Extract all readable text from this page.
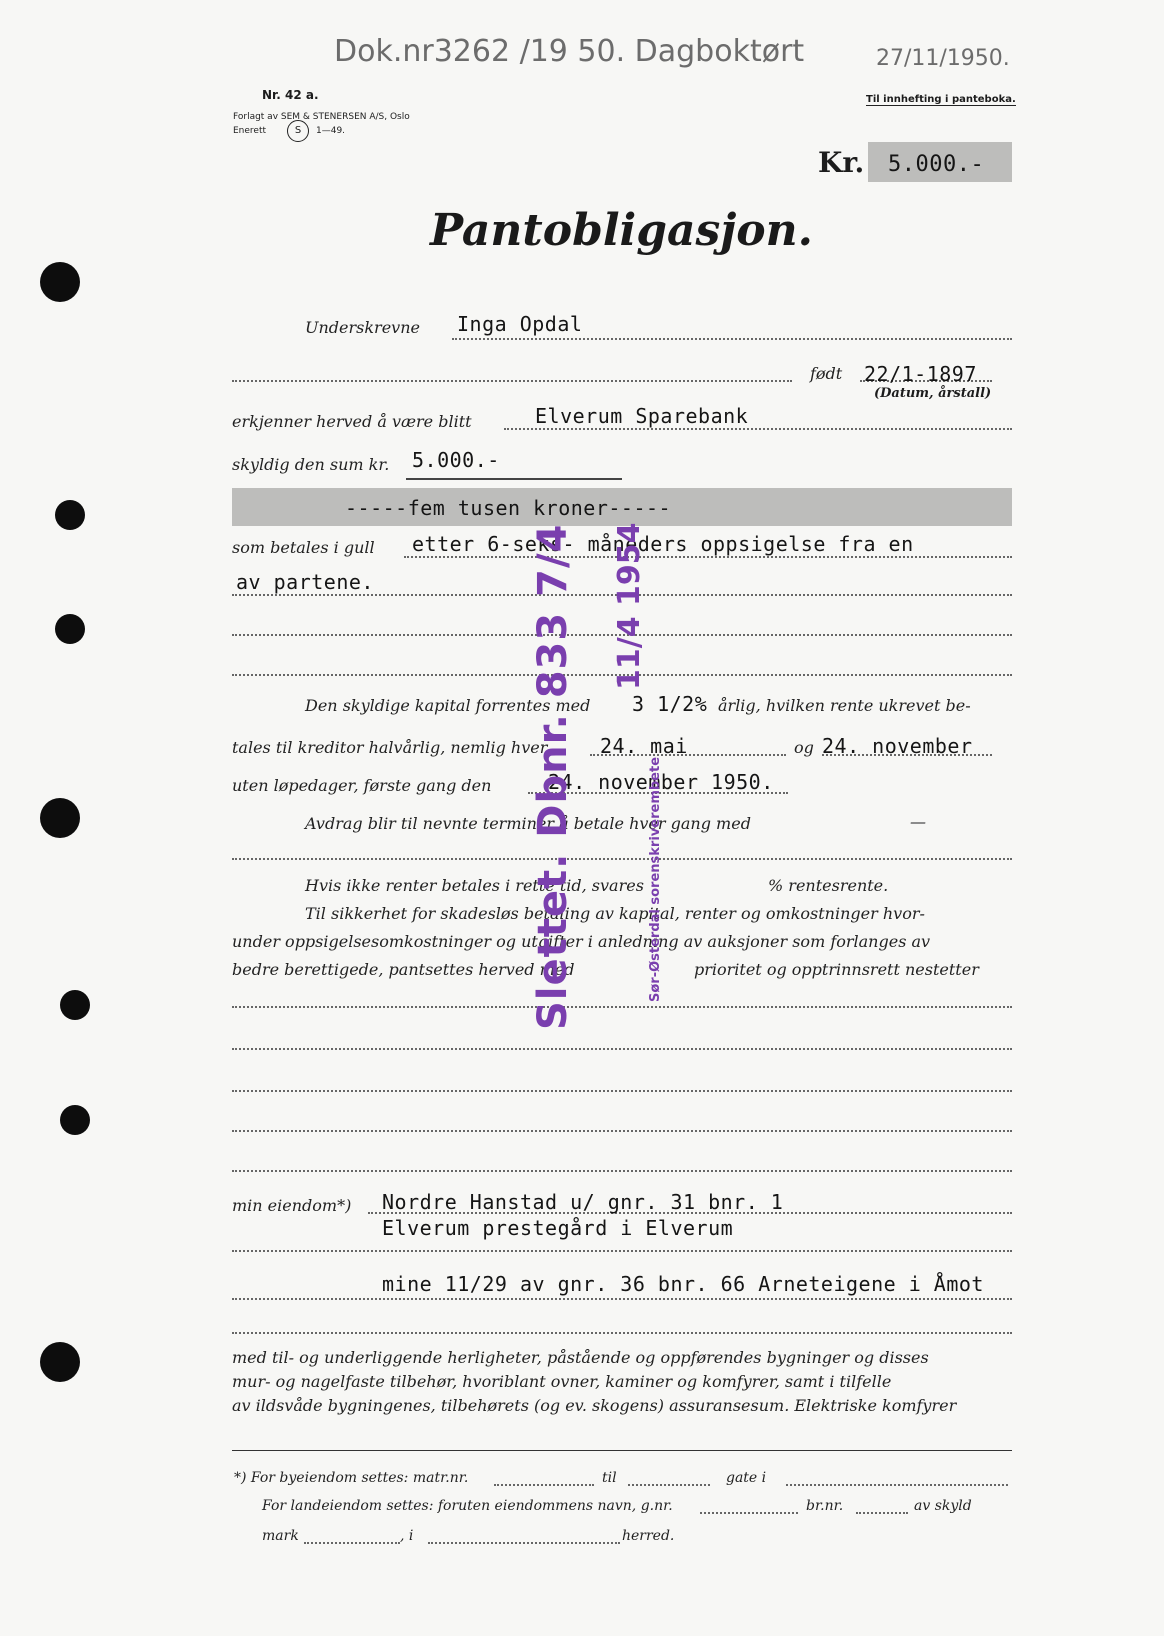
Dok.nr3262 /19 50. Dagboktørt	27/11/1950.
Nr. 42 a.
Forlagt av SEM & STENERSEN A/S, Oslo
Enerett	S	1—49.
Til innhefting i panteboka.
Kr. 5.000.-
Pantobligasjon.
Underskrevne Inga Opdal
født 22/1-1897
(Datum, årstall)
erkjenner herved å være blitt	Elverum Sparebank
skyldig den sum kr. 5.000.-
-----fem tusen kroner-----
som betales i gull etter 6-seks- måneders oppsigelse fra en
av partene.
Den skyldige kapital forrentes med 3 1/2% årlig, hvilken rente ukrevet be-
tales til kreditor halvårlig, nemlig hver	24. mai	og 24. november
uten løpedager, første gang den	24. november 1950.
Avdrag blir til nevnte terminer å betale hver gang med	—
Hvis ikke renter betales i rette tid, svares	% rentesrente.
Til sikkerhet for skadesløs betaling av kapital, renter og omkostninger hvor-
under oppsigelsesomkostninger og utgifter i anledning av auksjoner som forlanges av
bedre berettigede, pantsettes herved med	prioritet og opptrinnsrett nestetter
min eiendom*) Nordre Hanstad u/ gnr. 31 bnr. 1
Elverum prestegård i Elverum
mine 11/29 av gnr. 36 bnr. 66 Arneteigene i Åmot
med til- og underliggende herligheter, påstående og oppførendes bygninger og disses
mur- og nagelfaste tilbehør, hvoriblant ovner, kaminer og komfyrer, samt i tilfelle
av ildsvåde bygningenes, tilbehørets (og ev. skogens) assuransesum. Elektriske komfyrer
*) For byeiendom settes: matr.nr.	til	gate i
For landeiendom settes: foruten eiendommens navn, g.nr.	br.nr.	av skyld
mark	, i	herred.
Slettet. Dbnr. 833 7/4 11/4 1954
Sør-Østerdal sorenskriverembete
